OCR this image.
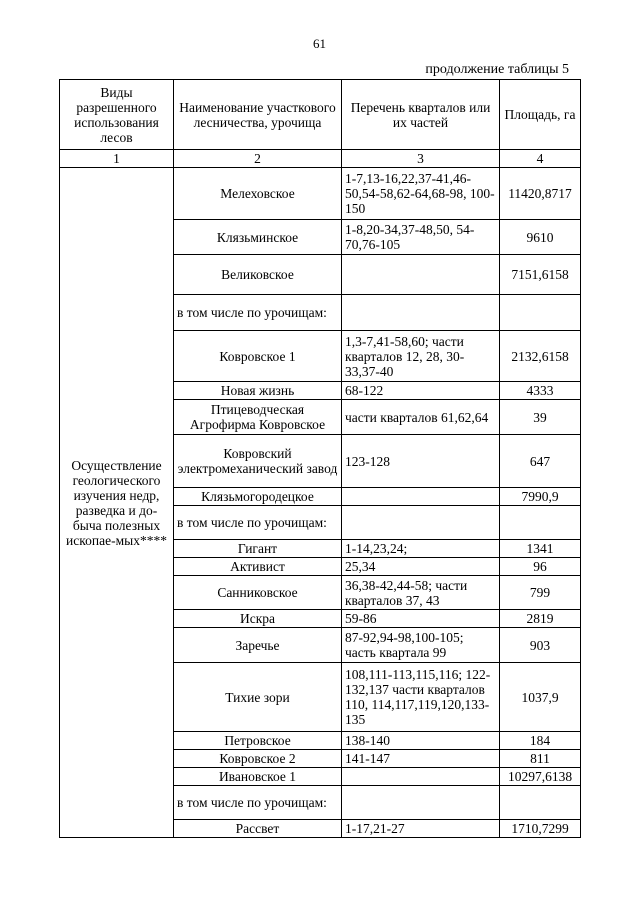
61
продолжение таблицы 5
Виды разрешенного использования лесов	Наименование участкового лесничества, урочища	Перечень кварталов или их частей	Площадь, га
1	2	3	4
Осуществление геологического изучения недр, разведка и до-быча полезных ископае-мых****	Мелеховское	1-7,13-16,22,37-41,46-50,54-58,62-64,68-98, 100-150	11420,8717
	Клязьминское	1-8,20-34,37-48,50, 54-70,76-105	9610
	Великовское		7151,6158
	в том числе по урочищам:		
	Ковровское 1	1,3-7,41-58,60; части кварталов 12, 28, 30-33,37-40	2132,6158
	Новая жизнь	68-122	4333
	Птицеводческая Агрофирма Ковровское	части кварталов 61,62,64	39
	Ковровский электромеханический завод	123-128	647
	Клязьмогородецкое		7990,9
	в том числе по урочищам:		
	Гигант	1-14,23,24;	1341
	Активист	25,34	96
	Санниковское	36,38-42,44-58; части кварталов 37, 43	799
	Искра	59-86	2819
	Заречье	87-92,94-98,100-105; часть квартала 99	903
	Тихие зори	108,111-113,115,116; 122-132,137 части кварталов 110, 114,117,119,120,133-135	1037,9
	Петровское	138-140	184
	Ковровское 2	141-147	811
	Ивановское 1		10297,6138
	в том числе по урочищам:		
	Рассвет	1-17,21-27	1710,7299
